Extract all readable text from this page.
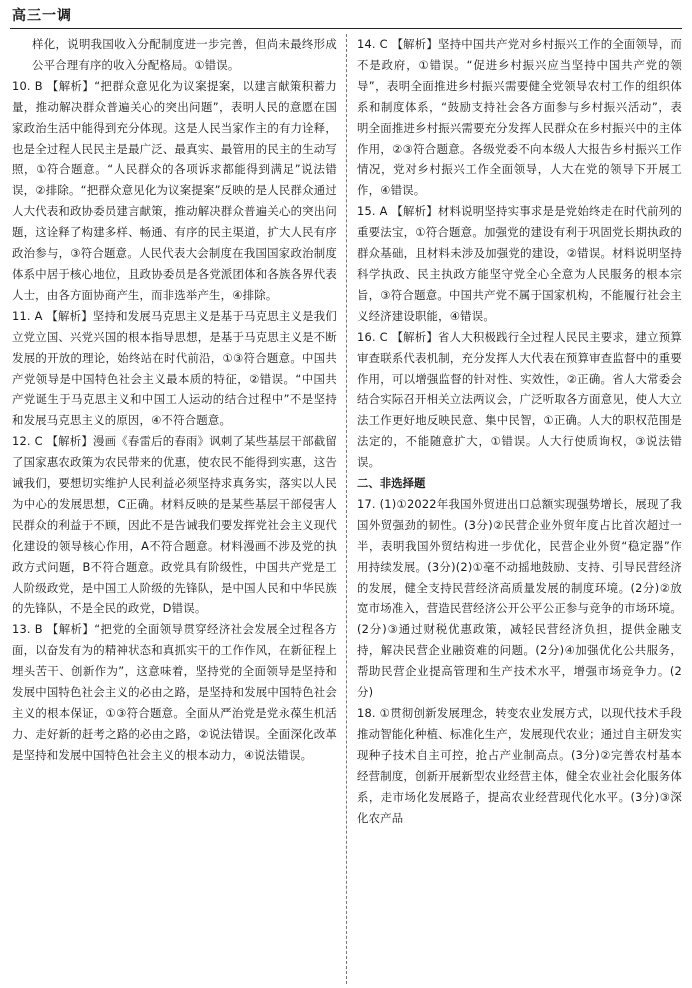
高三一调

样化，说明我国收入分配制度进一步完善，但尚未最终形成公平合理有序的收入分配格局。①错误。

10. B 【解析】“把群众意见化为议案提案，以建言献策积蓄力量，推动解决群众普遍关心的突出问题”，表明人民的意愿在国家政治生活中能得到充分体现。这是人民当家作主的有力诠释，也是全过程人民民主是最广泛、最真实、最管用的民主的生动写照，①符合题意。“人民群众的各项诉求都能得到满足”说法错误，②排除。“把群众意见化为议案提案”反映的是人民群众通过人大代表和政协委员建言献策，推动解决群众普遍关心的突出问题，这诠释了构建多样、畅通、有序的民主渠道，扩大人民有序政治参与，③符合题意。人民代表大会制度在我国国家政治制度体系中居于核心地位，且政协委员是各党派团体和各族各界代表人士，由各方面协商产生，而非选举产生，④排除。

11. A 【解析】坚持和发展马克思主义是基于马克思主义是我们立党立国、兴党兴国的根本指导思想，是基于马克思主义是不断发展的开放的理论，始终站在时代前沿，①③符合题意。中国共产党领导是中国特色社会主义最本质的特征，②错误。“中国共产党诞生于马克思主义和中国工人运动的结合过程中”不是坚持和发展马克思主义的原因，④不符合题意。

12. C 【解析】漫画《春雷后的春雨》讽刺了某些基层干部截留了国家惠农政策为农民带来的优惠，使农民不能得到实惠，这告诫我们，要想切实维护人民利益必须坚持求真务实，落实以人民为中心的发展思想，C正确。材料反映的是某些基层干部侵害人民群众的利益于不顾，因此不是告诫我们要发挥党社会主义现代化建设的领导核心作用，A不符合题意。材料漫画不涉及党的执政方式问题，B不符合题意。政党具有阶级性，中国共产党是工人阶级政党，是中国工人阶级的先锋队，是中国人民和中华民族的先锋队，不是全民的政党，D错误。

13. B 【解析】“把党的全面领导贯穿经济社会发展全过程各方面，以奋发有为的精神状态和真抓实干的工作作风，在新征程上埋头苦干、创新作为”，这意味着，坚持党的全面领导是坚持和发展中国特色社会主义的必由之路，是坚持和发展中国特色社会主义的根本保证，①③符合题意。全面从严治党是党永葆生机活力、走好新的赶考之路的必由之路，②说法错误。全面深化改革是坚持和发展中国特色社会主义的根本动力，④说法错误。

14. C 【解析】坚持中国共产党对乡村振兴工作的全面领导，而不是政府，①错误。“促进乡村振兴应当坚持中国共产党的领导”，表明全面推进乡村振兴需要健全党领导农村工作的组织体系和制度体系，“鼓励支持社会各方面参与乡村振兴活动”，表明全面推进乡村振兴需要充分发挥人民群众在乡村振兴中的主体作用，②③符合题意。各级党委不向本级人大报告乡村振兴工作情况，党对乡村振兴工作全面领导，人大在党的领导下开展工作，④错误。

15. A 【解析】材料说明坚持实事求是是党始终走在时代前列的重要法宝，①符合题意。加强党的建设有利于巩固党长期执政的群众基础，且材料未涉及加强党的建设，②错误。材料说明坚持科学执政、民主执政方能坚守党全心全意为人民服务的根本宗旨，③符合题意。中国共产党不属于国家机构，不能履行社会主义经济建设职能，④错误。

16. C 【解析】省人大积极践行全过程人民民主要求，建立预算审查联系代表机制，充分发挥人大代表在预算审查监督中的重要作用，可以增强监督的针对性、实效性，②正确。省人大常委会结合实际召开相关立法两议会，广泛听取各方面意见，使人大立法工作更好地反映民意、集中民智，①正确。人大的职权范围是法定的，不能随意扩大，①错误。人大行使质询权，③说法错误。

二、非选择题

17. (1)①2022年我国外贸进出口总额实现强势增长，展现了我国外贸强劲的韧性。(3分)②民营企业外贸年度占比首次超过一半，表明我国外贸结构进一步优化，民营企业外贸“稳定器”作用持续发展。(3分)(2)①毫不动摇地鼓励、支持、引导民营经济的发展，健全支持民营经济高质量发展的制度环境。(2分)②放宽市场准入，营造民营经济公开公平公正参与竞争的市场环境。(2分)③通过财税优惠政策，减轻民营经济负担，提供金融支持，解决民营企业融资难的问题。(2分)④加强优化公共服务，帮助民营企业提高管理和生产技术水平，增强市场竞争力。(2分)

18. ①贯彻创新发展理念，转变农业发展方式，以现代技术手段推动智能化种植、标准化生产，发展现代农业；通过自主研发实现种子技术自主可控，抢占产业制高点。(3分)②完善农村基本经营制度，创新开展新型农业经营主体，健全农业社会化服务体系，走市场化发展路子，提高农业经营现代化水平。(3分)③深化农产品
